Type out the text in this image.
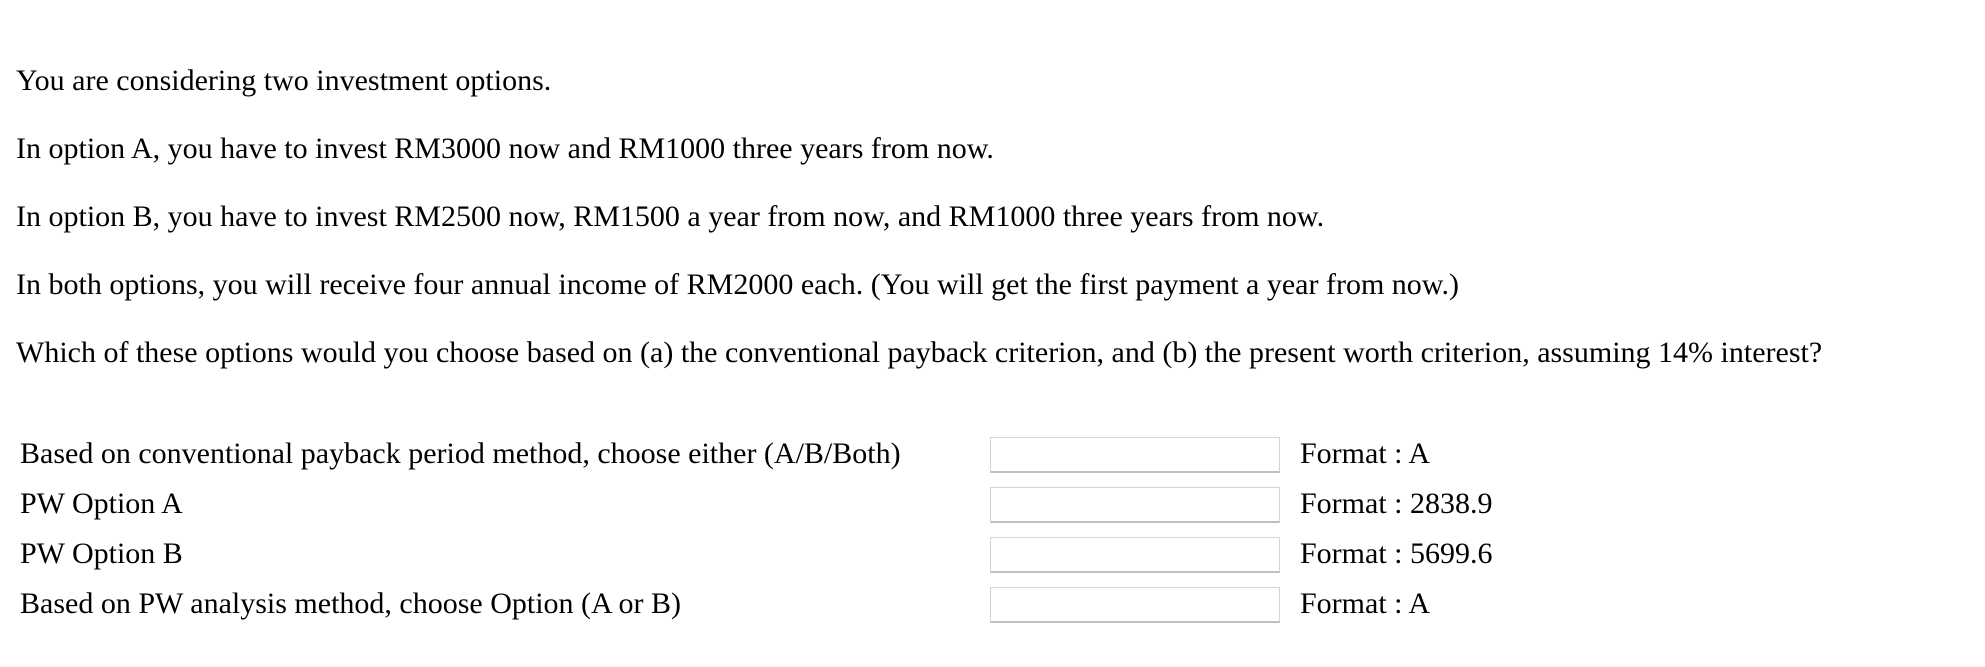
You are considering two investment options.

In option A, you have to invest RM3000 now and RM1000 three years from now.

In option B, you have to invest RM2500 now, RM1500 a year from now, and RM1000 three years from now.

In both options, you will receive four annual income of RM2000 each. (You will get the first payment a year from now.)

Which of these options would you choose based on (a) the conventional payback criterion, and (b) the present worth criterion, assuming 14% interest?

Based on conventional payback period method, choose either (A/B/Both)		Format : A
PW Option A		Format : 2838.9
PW Option B		Format : 5699.6
Based on PW analysis method, choose Option (A or B)		Format : A
